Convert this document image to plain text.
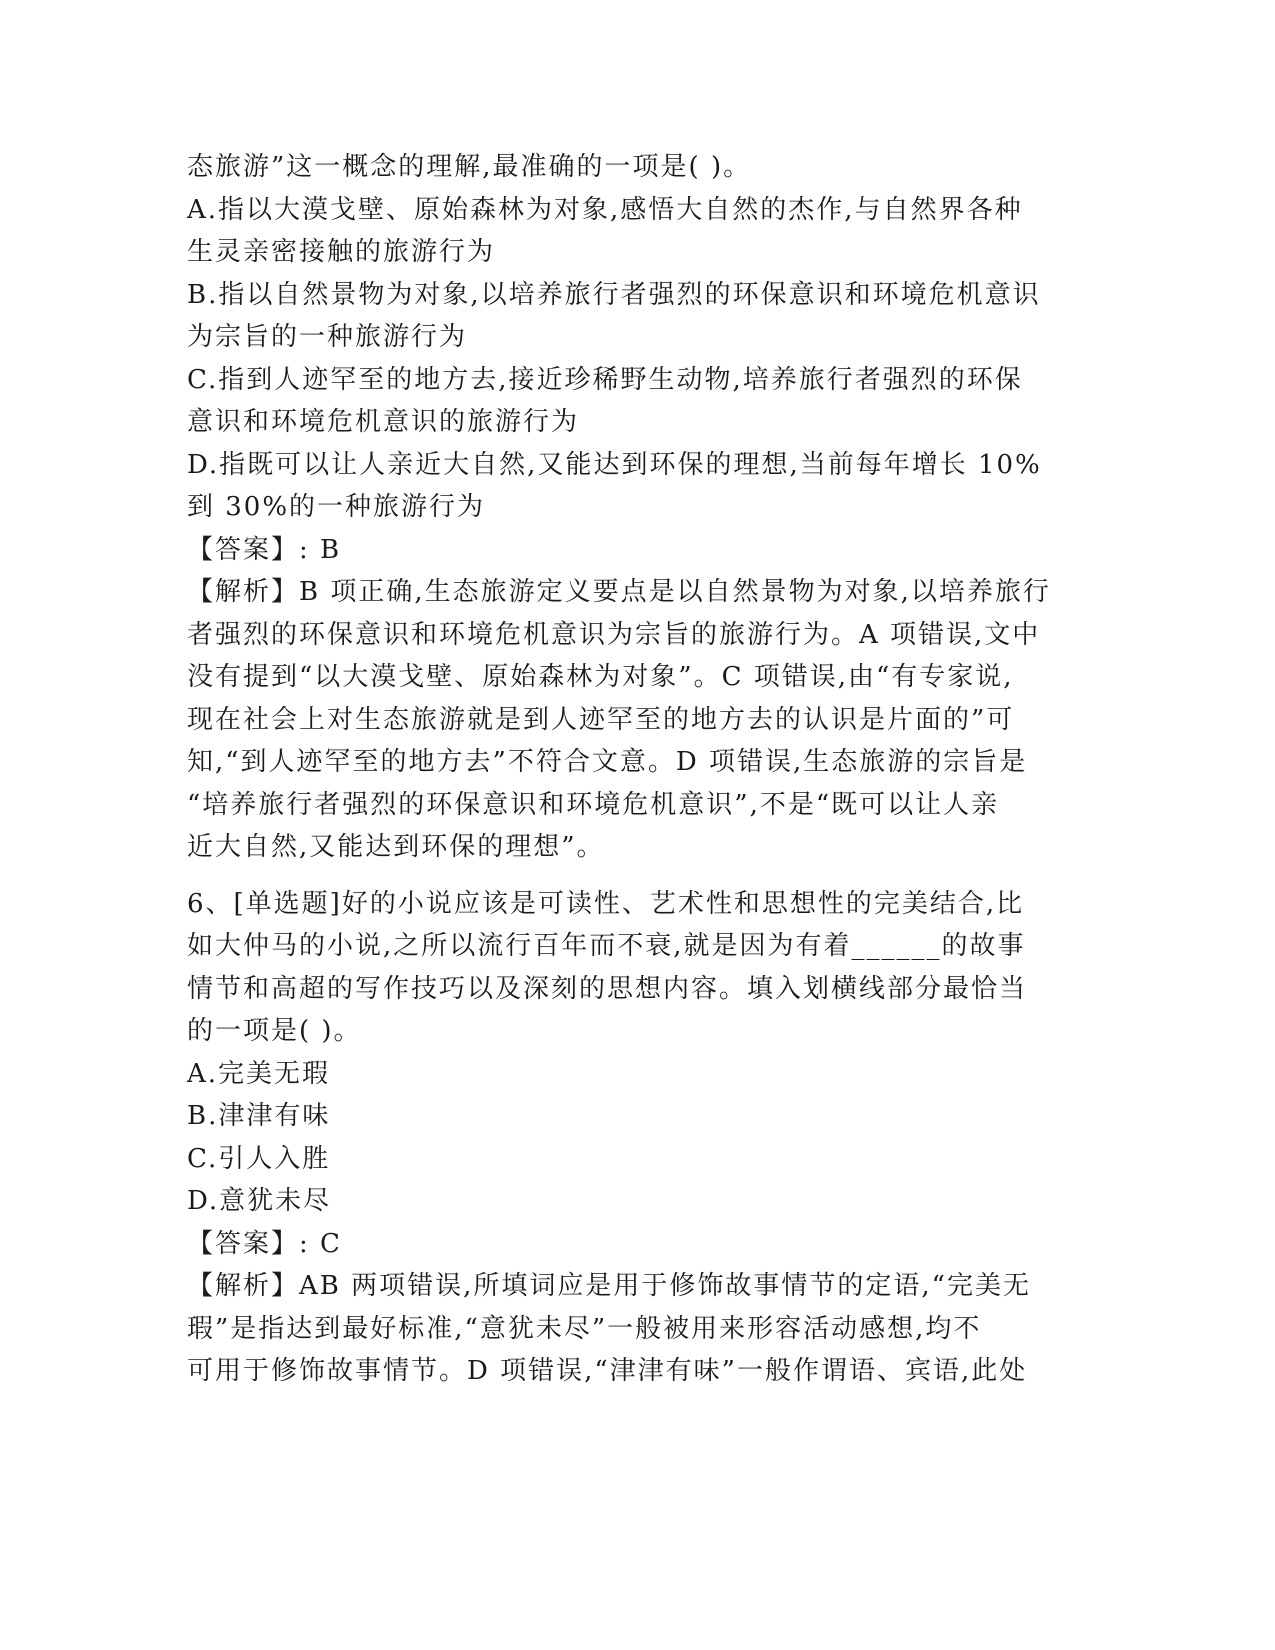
态旅游”这一概念的理解,最准确的一项是( )。
A.指以大漠戈壁、原始森林为对象,感悟大自然的杰作,与自然界各种
生灵亲密接触的旅游行为
B.指以自然景物为对象,以培养旅行者强烈的环保意识和环境危机意识
为宗旨的一种旅游行为
C.指到人迹罕至的地方去,接近珍稀野生动物,培养旅行者强烈的环保
意识和环境危机意识的旅游行为
D.指既可以让人亲近大自然,又能达到环保的理想,当前每年增长 10%
到 30%的一种旅游行为
【答案】: B
【解析】B 项正确,生态旅游定义要点是以自然景物为对象,以培养旅行
者强烈的环保意识和环境危机意识为宗旨的旅游行为。A 项错误,文中
没有提到“以大漠戈壁、原始森林为对象”。C 项错误,由“有专家说,
现在社会上对生态旅游就是到人迹罕至的地方去的认识是片面的”可
知,“到人迹罕至的地方去”不符合文意。D 项错误,生态旅游的宗旨是
“培养旅行者强烈的环保意识和环境危机意识”,不是“既可以让人亲
近大自然,又能达到环保的理想”。
6、[单选题]好的小说应该是可读性、艺术性和思想性的完美结合,比
如大仲马的小说,之所以流行百年而不衰,就是因为有着______的故事
情节和高超的写作技巧以及深刻的思想内容。填入划横线部分最恰当
的一项是( )。
A.完美无瑕
B.津津有味
C.引人入胜
D.意犹未尽
【答案】: C
【解析】AB 两项错误,所填词应是用于修饰故事情节的定语,“完美无
瑕”是指达到最好标准,“意犹未尽”一般被用来形容活动感想,均不
可用于修饰故事情节。D 项错误,“津津有味”一般作谓语、宾语,此处
